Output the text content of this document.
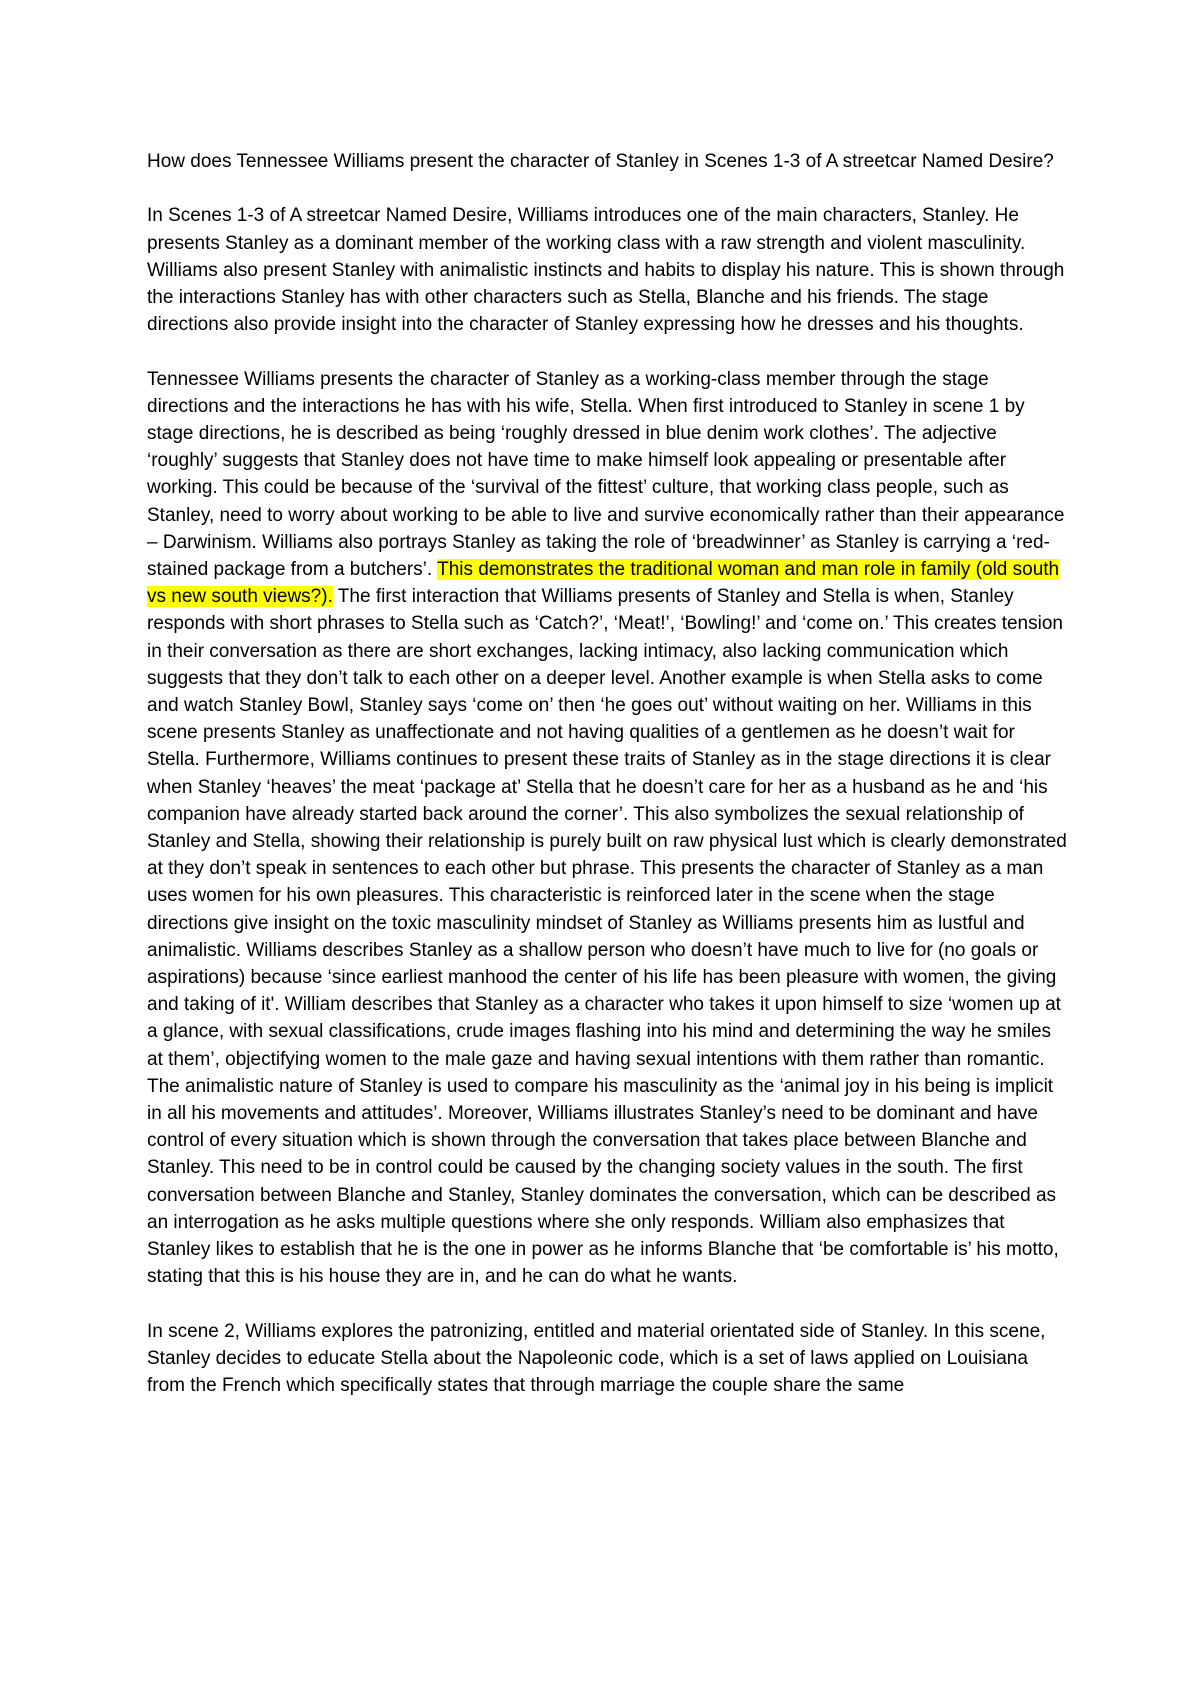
How does Tennessee Williams present the character of Stanley in Scenes 1-3 of A streetcar Named Desire?

In Scenes 1-3 of A streetcar Named Desire, Williams introduces one of the main characters, Stanley. He presents Stanley as a dominant member of the working class with a raw strength and violent masculinity. Williams also present Stanley with animalistic instincts and habits to display his nature. This is shown through the interactions Stanley has with other characters such as Stella, Blanche and his friends. The stage directions also provide insight into the character of Stanley expressing how he dresses and his thoughts.

Tennessee Williams presents the character of Stanley as a working-class member through the stage directions and the interactions he has with his wife, Stella. When first introduced to Stanley in scene 1 by stage directions, he is described as being ‘roughly dressed in blue denim work clothes’. The adjective ‘roughly’ suggests that Stanley does not have time to make himself look appealing or presentable after working. This could be because of the ‘survival of the fittest’ culture, that working class people, such as Stanley, need to worry about working to be able to live and survive economically rather than their appearance – Darwinism. Williams also portrays Stanley as taking the role of ‘breadwinner’ as Stanley is carrying a ‘red-stained package from a butchers’. This demonstrates the traditional woman and man role in family (old south vs new south views?). The first interaction that Williams presents of Stanley and Stella is when, Stanley responds with short phrases to Stella such as ‘Catch?’, ‘Meat!’, ‘Bowling!’ and ‘come on.’ This creates tension in their conversation as there are short exchanges, lacking intimacy, also lacking communication which suggests that they don’t talk to each other on a deeper level. Another example is when Stella asks to come and watch Stanley Bowl, Stanley says ‘come on’ then ‘he goes out’ without waiting on her. Williams in this scene presents Stanley as unaffectionate and not having qualities of a gentlemen as he doesn’t wait for Stella. Furthermore, Williams continues to present these traits of Stanley as in the stage directions it is clear when Stanley ‘heaves’ the meat ‘package at’ Stella that he doesn’t care for her as a husband as he and ‘his companion have already started back around the corner’. This also symbolizes the sexual relationship of Stanley and Stella, showing their relationship is purely built on raw physical lust which is clearly demonstrated at they don’t speak in sentences to each other but phrase. This presents the character of Stanley as a man uses women for his own pleasures. This characteristic is reinforced later in the scene when the stage directions give insight on the toxic masculinity mindset of Stanley as Williams presents him as lustful and animalistic. Williams describes Stanley as a shallow person who doesn’t have much to live for (no goals or aspirations) because ‘since earliest manhood the center of his life has been pleasure with women, the giving and taking of it'. William describes that Stanley as a character who takes it upon himself to size ‘women up at a glance, with sexual classifications, crude images flashing into his mind and determining the way he smiles at them’, objectifying women to the male gaze and having sexual intentions with them rather than romantic. The animalistic nature of Stanley is used to compare his masculinity as the ‘animal joy in his being is implicit in all his movements and attitudes’. Moreover, Williams illustrates Stanley’s need to be dominant and have control of every situation which is shown through the conversation that takes place between Blanche and Stanley. This need to be in control could be caused by the changing society values in the south. The first conversation between Blanche and Stanley, Stanley dominates the conversation, which can be described as an interrogation as he asks multiple questions where she only responds. William also emphasizes that Stanley likes to establish that he is the one in power as he informs Blanche that ‘be comfortable is’ his motto, stating that this is his house they are in, and he can do what he wants.

In scene 2, Williams explores the patronizing, entitled and material orientated side of Stanley. In this scene, Stanley decides to educate Stella about the Napoleonic code, which is a set of laws applied on Louisiana from the French which specifically states that through marriage the couple share the same
